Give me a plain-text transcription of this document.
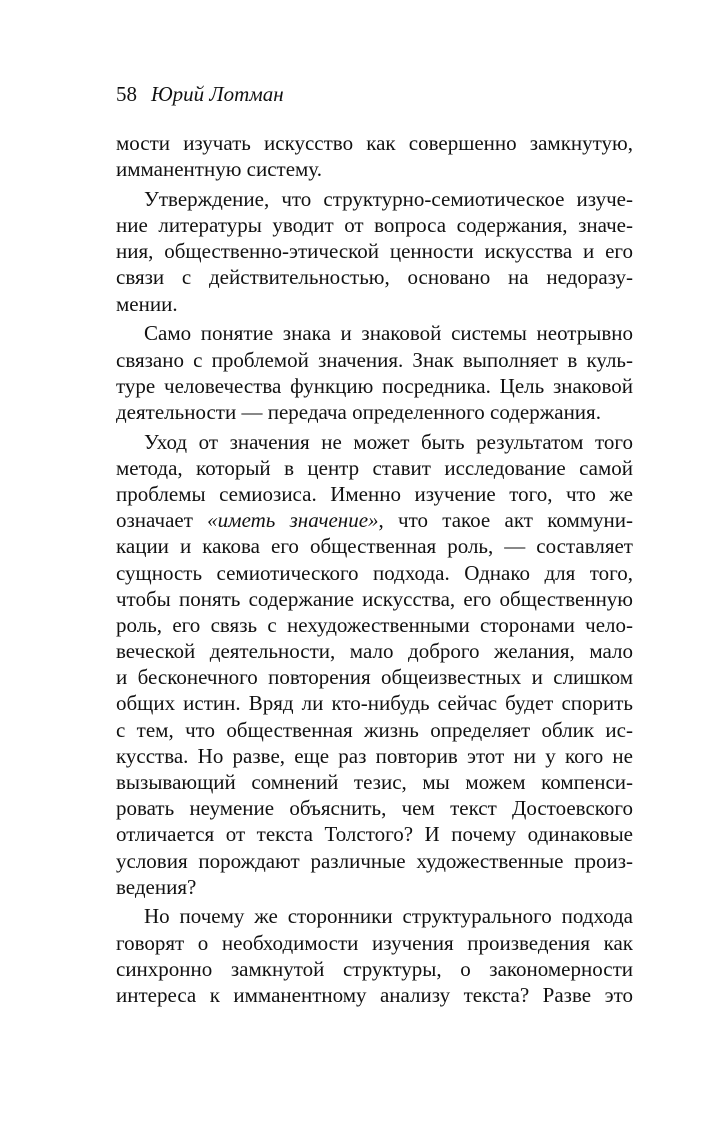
58 Юрий Лотман
мости изучать искусство как совершенно замкнутую,
имманентную систему.
Утверждение, что структурно-семиотическое изуче-
ние литературы уводит от вопроса содержания, значе-
ния, общественно-этической ценности искусства и его
связи с действительностью, основано на недоразу-
мении.
Само понятие знака и знаковой системы неотрывно
связано с проблемой значения. Знак выполняет в куль-
туре человечества функцию посредника. Цель знаковой
деятельности — передача определенного содержания.
Уход от значения не может быть результатом того
метода, который в центр ставит исследование самой
проблемы семиозиса. Именно изучение того, что же
означает «иметь значение», что такое акт коммуни-
кации и какова его общественная роль, — составляет
сущность семиотического подхода. Однако для того,
чтобы понять содержание искусства, его общественную
роль, его связь с нехудожественными сторонами чело-
веческой деятельности, мало доброго желания, мало
и бесконечного повторения общеизвестных и слишком
общих истин. Вряд ли кто-нибудь сейчас будет спорить
с тем, что общественная жизнь определяет облик ис-
кусства. Но разве, еще раз повторив этот ни у кого не
вызывающий сомнений тезис, мы можем компенси-
ровать неумение объяснить, чем текст Достоевского
отличается от текста Толстого? И почему одинаковые
условия порождают различные художественные произ-
ведения?
Но почему же сторонники структурального подхода
говорят о необходимости изучения произведения как
синхронно замкнутой структуры, о закономерности
интереса к имманентному анализу текста? Разве это
